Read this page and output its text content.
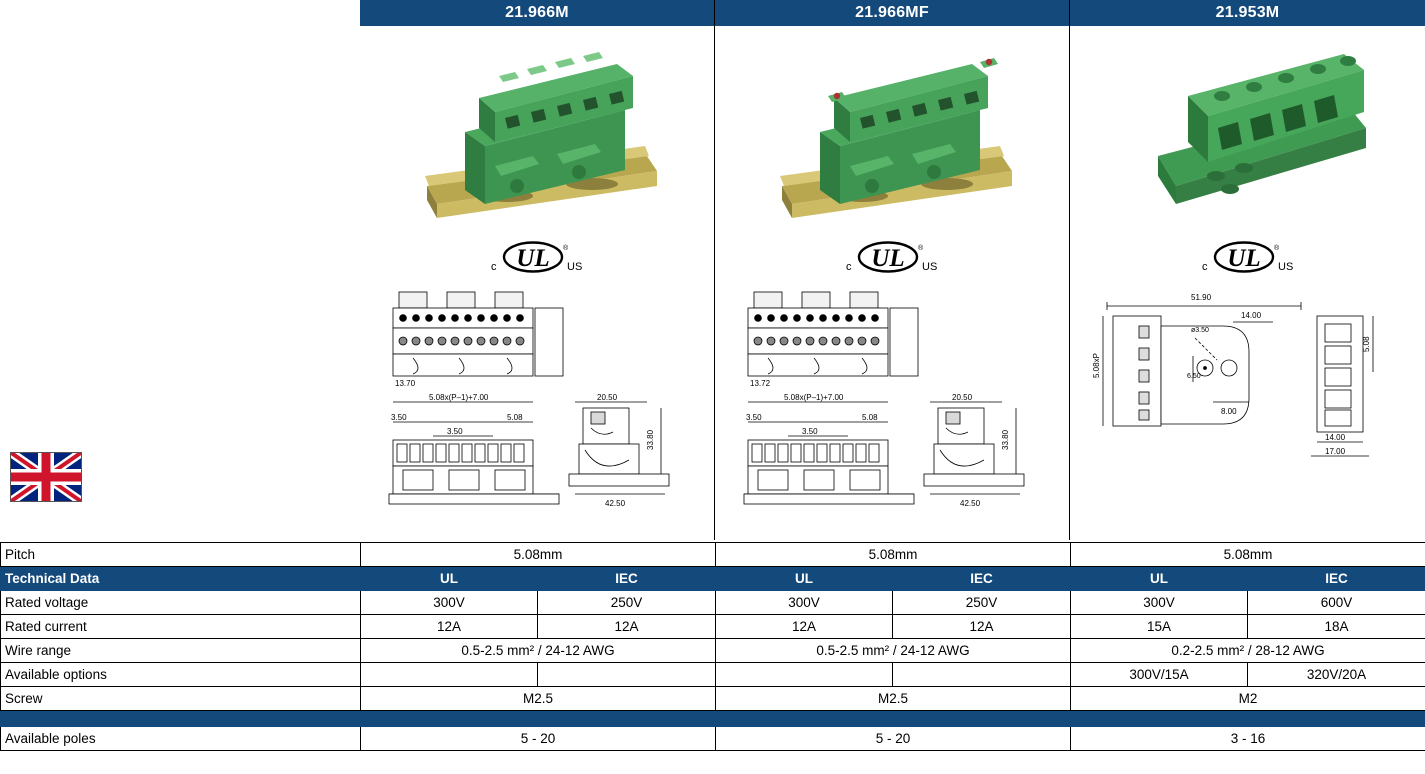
21.966M
c UL US
®
13.70
5.08x(P–1)+7.00
3.50	5.08
3.50
20.50
33.80
42.50
21.966MF
c UL US
®
13.72
5.08x(P–1)+7.00
3.50	5.08
3.50
20.50
33.80
42.50
21.953M
c UL US
®
51.90
5.08xP
ø3.50
14.00
6.50
8.00
5.08
14.00
17.00
Pitch	5.08mm		5.08mm		5.08mm	
Technical Data	UL	IEC	UL	IEC	UL	IEC
Rated voltage	300V	250V	300V	250V	300V	600V
Rated current	12A	12A	12A	12A	15A	18A
Wire range	0.5-2.5 mm² / 24-12 AWG		0.5-2.5 mm² / 24-12 AWG		0.2-2.5 mm² / 28-12 AWG	
Available options					300V/15A	320V/20A
Screw	M2.5		M2.5		M2	

Available poles	5 - 20		5 - 20		3 - 16	
